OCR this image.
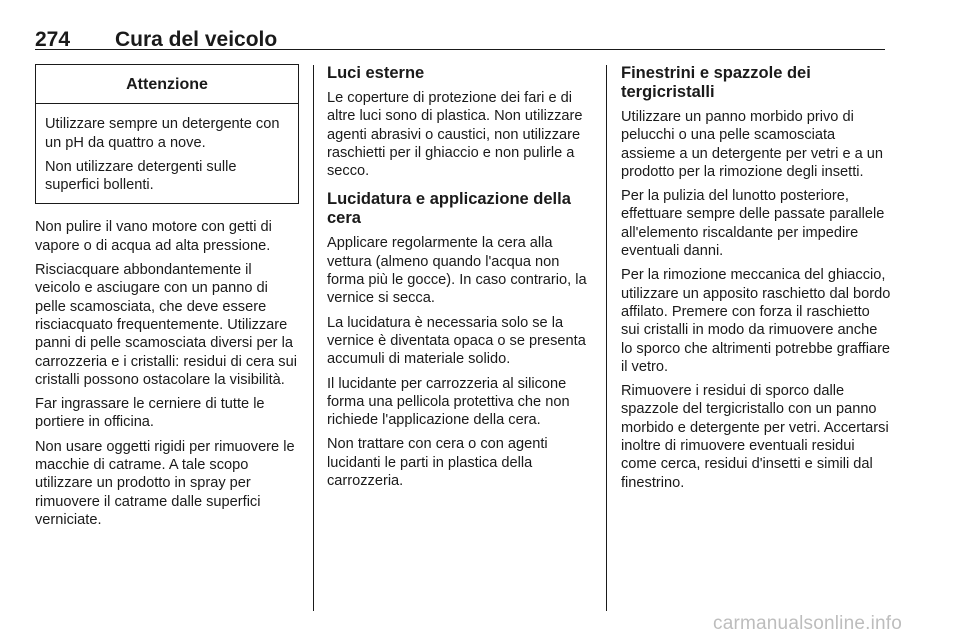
274 Cura del veicolo
Attenzione

Utilizzare sempre un detergente con un pH da quattro a nove.

Non utilizzare detergenti sulle superfici bollenti.

Non pulire il vano motore con getti di vapore o di acqua ad alta pressione.

Risciacquare abbondantemente il veicolo e asciugare con un panno di pelle scamosciata, che deve essere risciacquato frequentemente. Utilizzare panni di pelle scamosciata diversi per la carrozzeria e i cristalli: residui di cera sui cristalli possono ostacolare la visibilità.

Far ingrassare le cerniere di tutte le portiere in officina.

Non usare oggetti rigidi per rimuovere le macchie di catrame. A tale scopo utilizzare un prodotto in spray per rimuovere il catrame dalle superfici verniciate.

Luci esterne

Le coperture di protezione dei fari e di altre luci sono di plastica. Non utilizzare agenti abrasivi o caustici, non utilizzare raschietti per il ghiaccio e non pulirle a secco.

Lucidatura e applicazione della cera

Applicare regolarmente la cera alla vettura (almeno quando l'acqua non forma più le gocce). In caso contrario, la vernice si secca.

La lucidatura è necessaria solo se la vernice è diventata opaca o se presenta accumuli di materiale solido.

Il lucidante per carrozzeria al silicone forma una pellicola protettiva che non richiede l'applicazione della cera.

Non trattare con cera o con agenti lucidanti le parti in plastica della carrozzeria.

Finestrini e spazzole dei tergicristalli

Utilizzare un panno morbido privo di pelucchi o una pelle scamosciata assieme a un detergente per vetri e a un prodotto per la rimozione degli insetti.

Per la pulizia del lunotto posteriore, effettuare sempre delle passate parallele all'elemento riscaldante per impedire eventuali danni.

Per la rimozione meccanica del ghiaccio, utilizzare un apposito raschietto dal bordo affilato. Premere con forza il raschietto sui cristalli in modo da rimuovere anche lo sporco che altrimenti potrebbe graffiare il vetro.

Rimuovere i residui di sporco dalle spazzole del tergicristallo con un panno morbido e detergente per vetri. Accertarsi inoltre di rimuovere eventuali residui come cerca, residui d'insetti e simili dal finestrino.

carmanualsonline.info
